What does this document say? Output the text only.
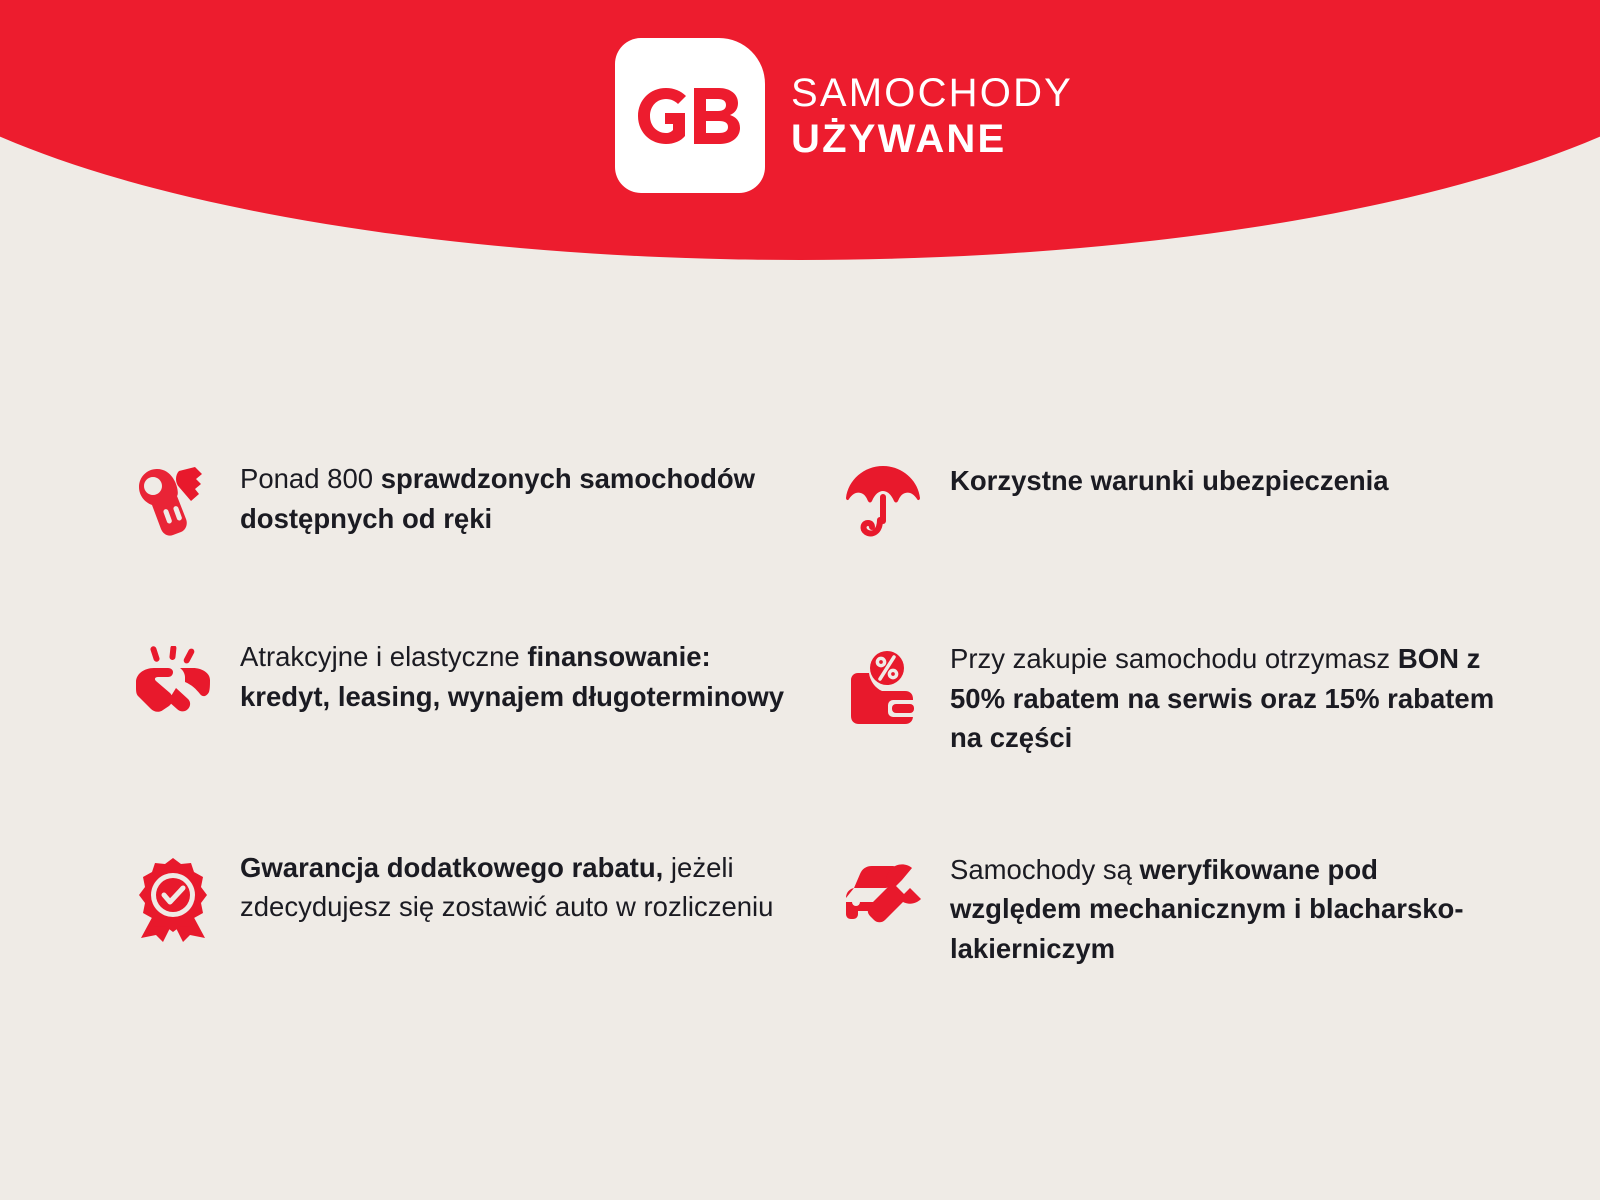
SAMOCHODY
UŻYWANE
Ponad 800 sprawdzonych samochodów dostępnych od ręki
Korzystne warunki ubezpieczenia
Atrakcyjne i elastyczne finansowanie: kredyt, leasing, wynajem długoterminowy
Przy zakupie samochodu otrzymasz BON z 50% rabatem na serwis oraz 15% rabatem na części
Gwarancja dodatkowego rabatu, jeżeli zdecydujesz się zostawić auto w rozliczeniu
Samochody są weryfikowane pod względem mechanicznym i blacharsko-lakierniczym
